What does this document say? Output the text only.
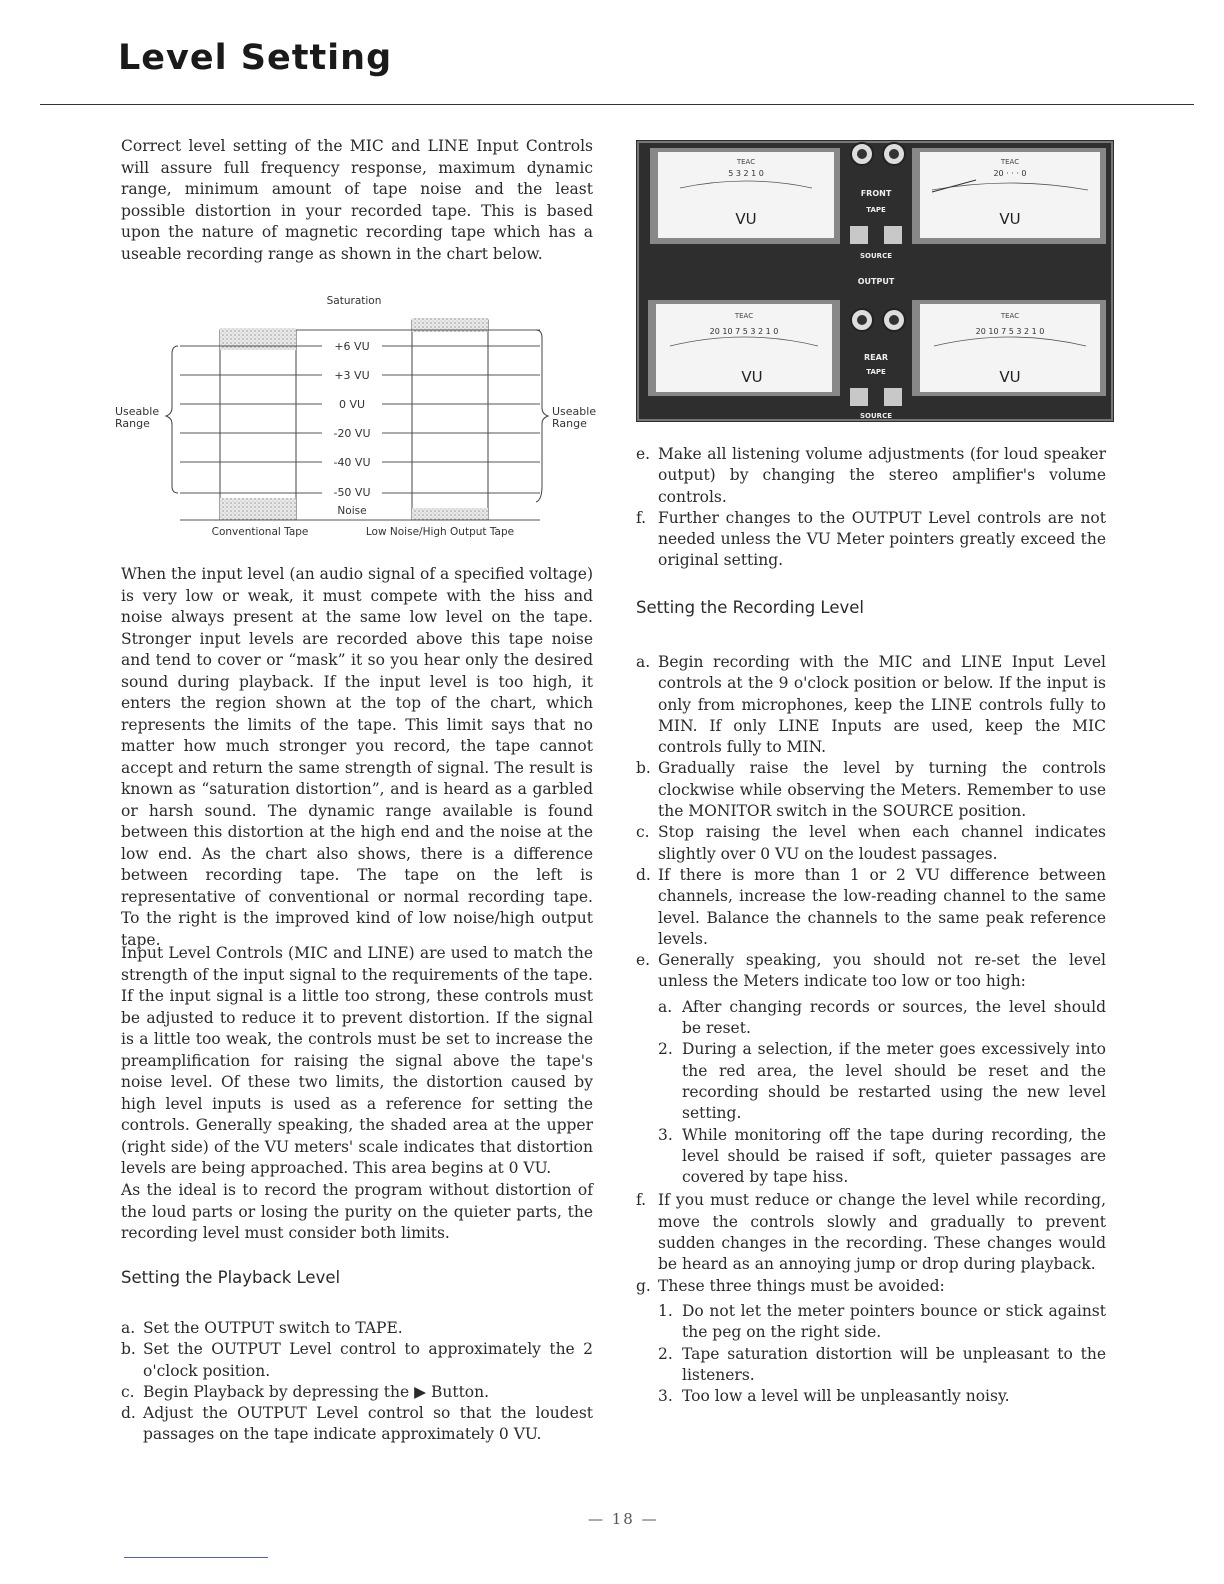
Level Setting

Correct level setting of the MIC and LINE Input Controls will assure full frequency response, maximum dynamic range, minimum amount of tape noise and the least possible distortion in your recorded tape. This is based upon the nature of magnetic recording tape which has a useable recording range as shown in the chart below.

Saturation
+6 VU
+3 VU
0 VU
-20 VU
-40 VU
-50 VU
Noise
Useable
Range
Useable
Range
Conventional Tape	Low Noise/High Output Tape

When the input level (an audio signal of a specified voltage) is very low or weak, it must compete with the hiss and noise always present at the same low level on the tape. Stronger input levels are recorded above this tape noise and tend to cover or “mask” it so you hear only the desired sound during playback. If the input level is too high, it enters the region shown at the top of the chart, which represents the limits of the tape. This limit says that no matter how much stronger you record, the tape cannot accept and return the same strength of signal. The result is known as “saturation distortion”, and is heard as a garbled or harsh sound. The dynamic range available is found between this distortion at the high end and the noise at the low end. As the chart also shows, there is a difference between recording tape. The tape on the left is representative of conventional or normal recording tape. To the right is the improved kind of low noise/high output tape.

Input Level Controls (MIC and LINE) are used to match the strength of the input signal to the requirements of the tape. If the input signal is a little too strong, these controls must be adjusted to reduce it to prevent distortion. If the signal is a little too weak, the controls must be set to increase the preamplification for raising the signal above the tape's noise level. Of these two limits, the distortion caused by high level inputs is used as a reference for setting the controls. Generally speaking, the shaded area at the upper (right side) of the VU meters' scale indicates that distortion levels are being approached. This area begins at 0 VU.

As the ideal is to record the program without distortion of the loud parts or losing the purity on the quieter parts, the recording level must consider both limits.

Setting the Playback Level
a. Set the OUTPUT switch to TAPE.
b. Set the OUTPUT Level control to approximately the 2 o'clock position.
c. Begin Playback by depressing the ▶ Button.
d. Adjust the OUTPUT Level control so that the loudest passages on the tape indicate approximately 0 VU.
TEAC
5 3 2 1 0
VU
TEAC
20 · · · 0
VU
TEAC
20 10 7 5 3 2 1 0
VU
TEAC
20 10 7 5 3 2 1 0
VU
FRONT
TAPE
SOURCE
OUTPUT
REAR
TAPE
SOURCE
e. Make all listening volume adjustments (for loud speaker output) by changing the stereo amplifier's volume controls.
f. Further changes to the OUTPUT Level controls are not needed unless the VU Meter pointers greatly exceed the original setting.
Setting the Recording Level
a. Begin recording with the MIC and LINE Input Level controls at the 9 o'clock position or below. If the input is only from microphones, keep the LINE controls fully to MIN. If only LINE Inputs are used, keep the MIC controls fully to MIN.
b. Gradually raise the level by turning the controls clockwise while observing the Meters. Remember to use the MONITOR switch in the SOURCE position.
c. Stop raising the level when each channel indicates slightly over 0 VU on the loudest passages.
d. If there is more than 1 or 2 VU difference between channels, increase the low-reading channel to the same level. Balance the channels to the same peak reference levels.
e. Generally speaking, you should not re-set the level unless the Meters indicate too low or too high:
a. After changing records or sources, the level should be reset.
2. During a selection, if the meter goes excessively into the red area, the level should be reset and the recording should be restarted using the new level setting.
3. While monitoring off the tape during recording, the level should be raised if soft, quieter passages are covered by tape hiss.
f. If you must reduce or change the level while recording, move the controls slowly and gradually to prevent sudden changes in the recording. These changes would be heard as an annoying jump or drop during playback.
g. These three things must be avoided:
1. Do not let the meter pointers bounce or stick against the peg on the right side.
2. Tape saturation distortion will be unpleasant to the listeners.
3. Too low a level will be unpleasantly noisy.
— 18 —
